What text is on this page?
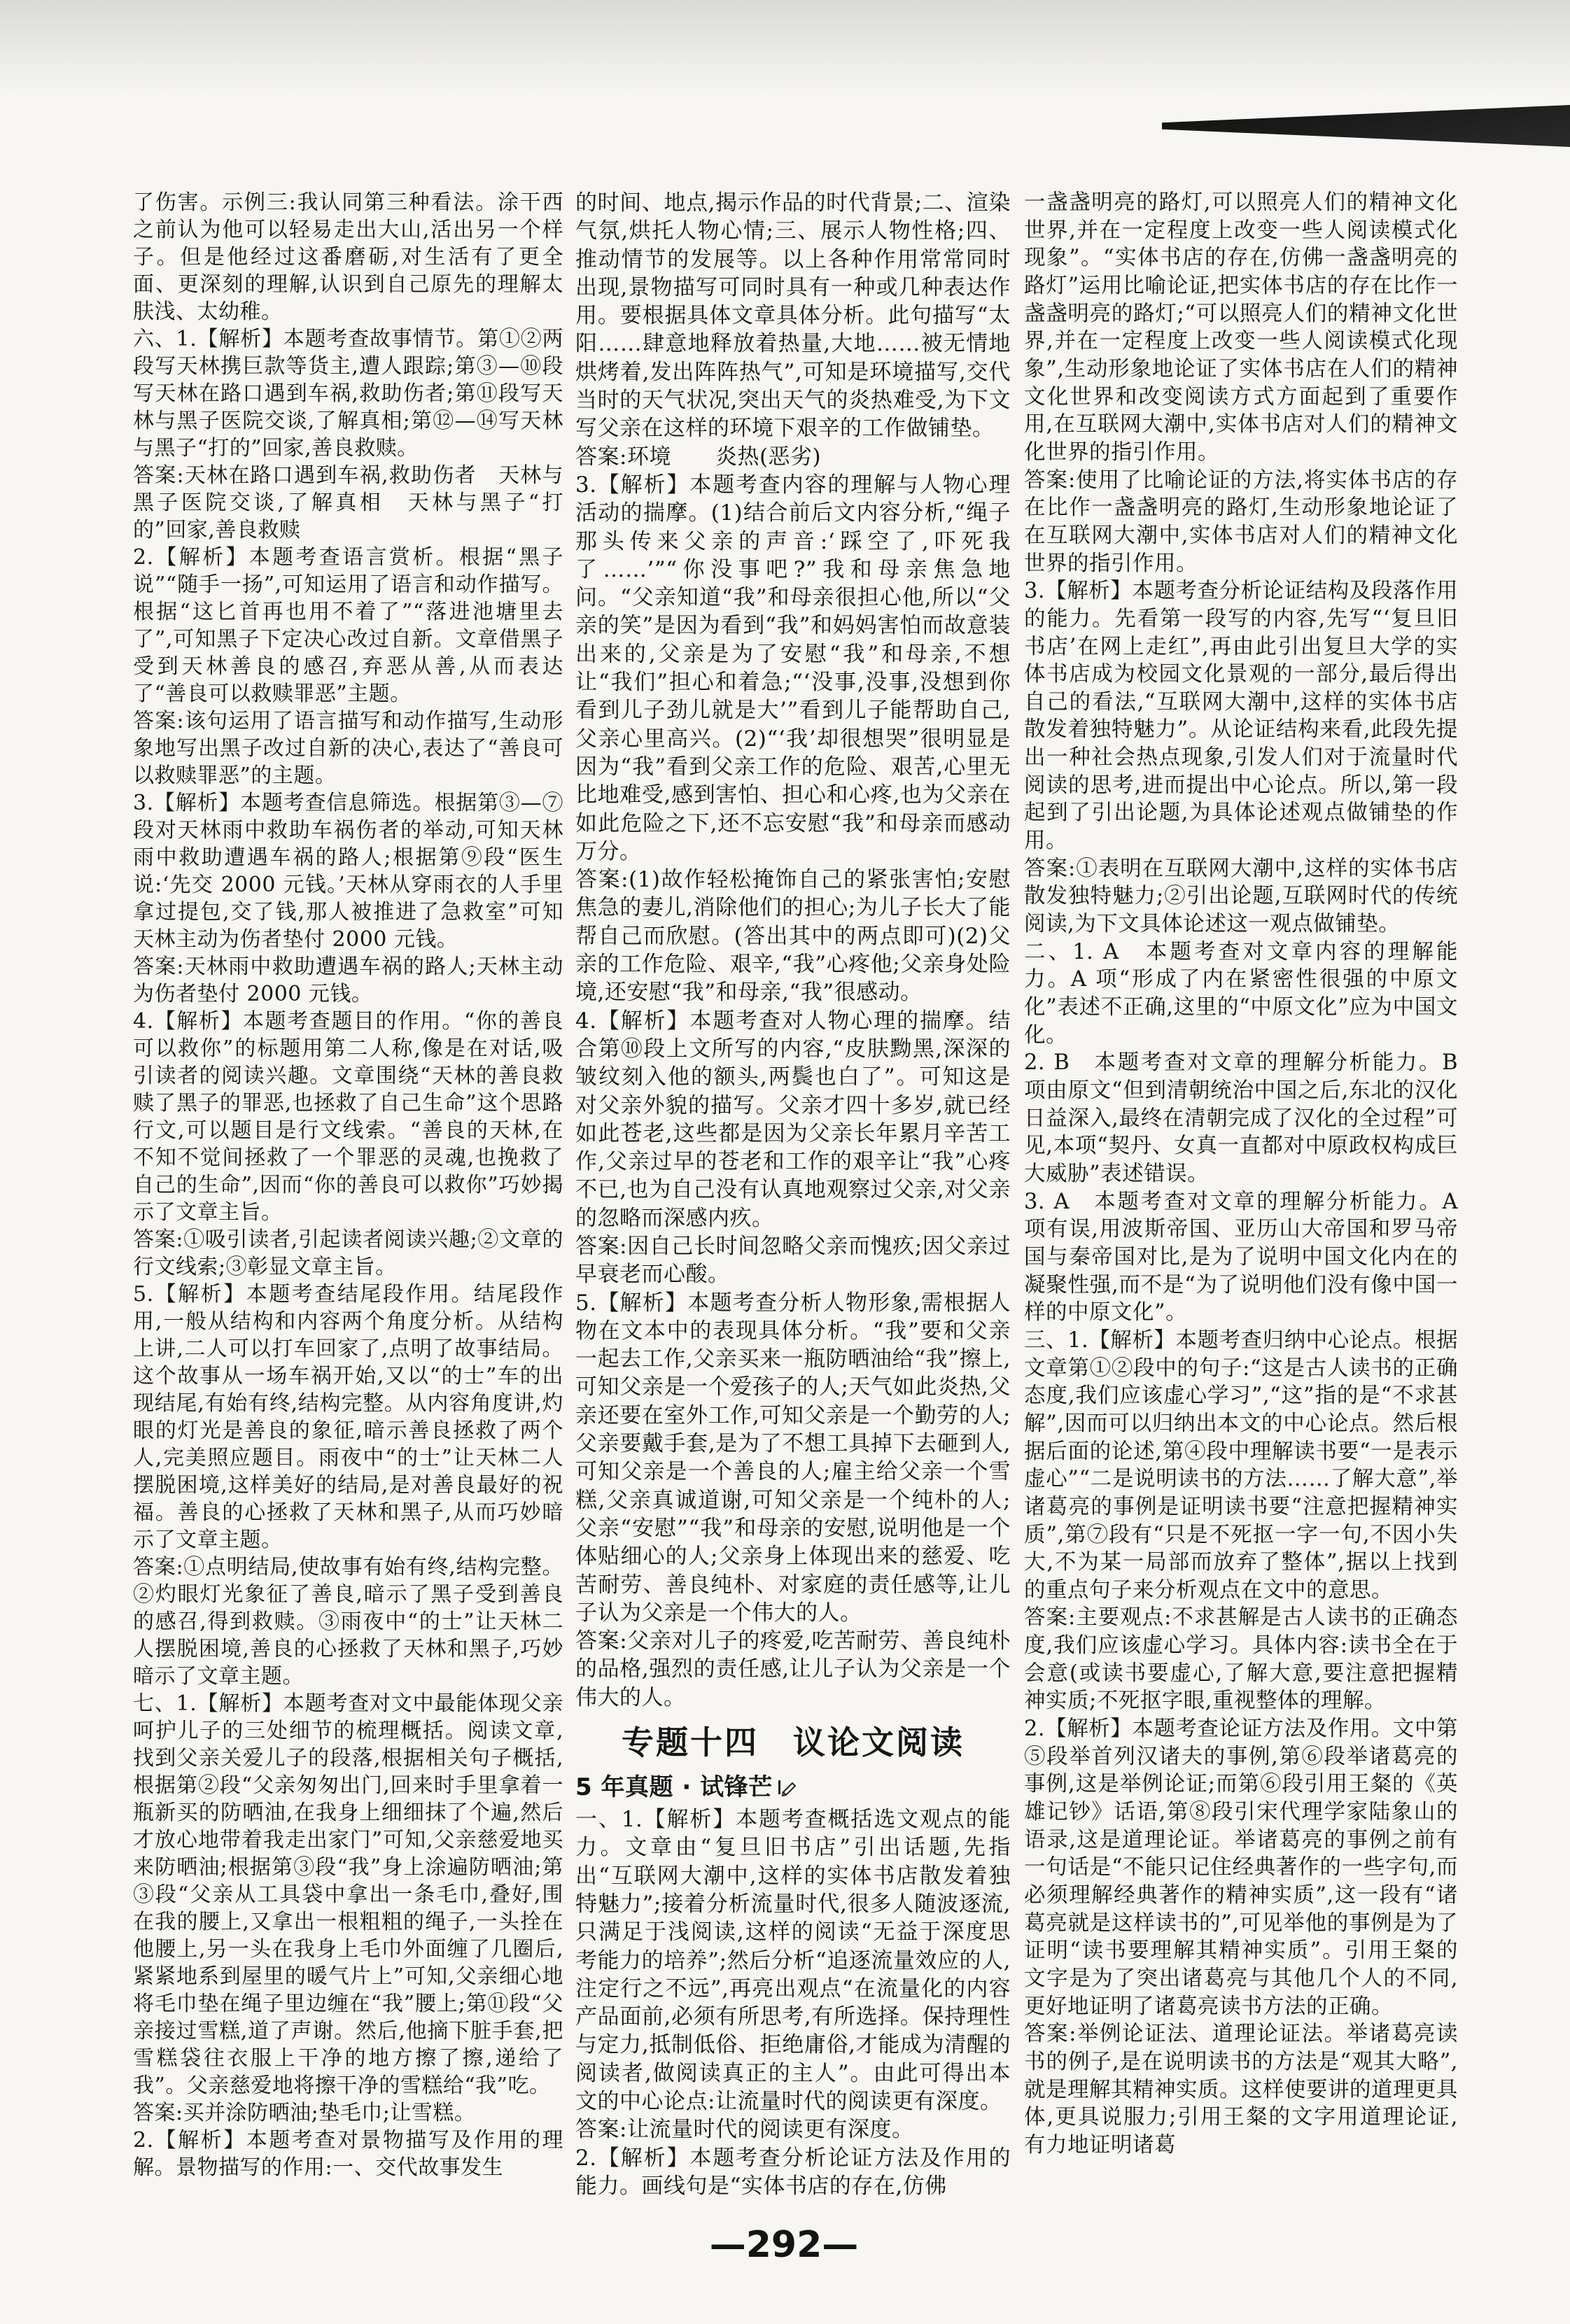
了伤害。示例三:我认同第三种看法。涂干西之前认为他可以轻易走出大山,活出另一个样子。但是他经过这番磨砺,对生活有了更全面、更深刻的理解,认识到自己原先的理解太肤浅、太幼稚。

六、1.【解析】本题考查故事情节。第①②两段写天林携巨款等货主,遭人跟踪;第③—⑩段写天林在路口遇到车祸,救助伤者;第⑪段写天林与黑子医院交谈,了解真相;第⑫—⑭写天林与黑子“打的”回家,善良救赎。

答案:天林在路口遇到车祸,救助伤者　天林与黑子医院交谈,了解真相　天林与黑子“打的”回家,善良救赎

2.【解析】本题考查语言赏析。根据“黑子说”“随手一扬”,可知运用了语言和动作描写。根据“这匕首再也用不着了”“落进池塘里去了”,可知黑子下定决心改过自新。文章借黑子受到天林善良的感召,弃恶从善,从而表达了“善良可以救赎罪恶”主题。

答案:该句运用了语言描写和动作描写,生动形象地写出黑子改过自新的决心,表达了“善良可以救赎罪恶”的主题。

3.【解析】本题考查信息筛选。根据第③—⑦段对天林雨中救助车祸伤者的举动,可知天林雨中救助遭遇车祸的路人;根据第⑨段“医生说:‘先交 2000 元钱。’天林从穿雨衣的人手里拿过提包,交了钱,那人被推进了急救室”可知天林主动为伤者垫付 2000 元钱。

答案:天林雨中救助遭遇车祸的路人;天林主动为伤者垫付 2000 元钱。

4.【解析】本题考查题目的作用。“你的善良可以救你”的标题用第二人称,像是在对话,吸引读者的阅读兴趣。文章围绕“天林的善良救赎了黑子的罪恶,也拯救了自己生命”这个思路行文,可以题目是行文线索。“善良的天林,在不知不觉间拯救了一个罪恶的灵魂,也挽救了自己的生命”,因而“你的善良可以救你”巧妙揭示了文章主旨。

答案:①吸引读者,引起读者阅读兴趣;②文章的行文线索;③彰显文章主旨。

5.【解析】本题考查结尾段作用。结尾段作用,一般从结构和内容两个角度分析。从结构上讲,二人可以打车回家了,点明了故事结局。这个故事从一场车祸开始,又以“的士”车的出现结尾,有始有终,结构完整。从内容角度讲,灼眼的灯光是善良的象征,暗示善良拯救了两个人,完美照应题目。雨夜中“的士”让天林二人摆脱困境,这样美好的结局,是对善良最好的祝福。善良的心拯救了天林和黑子,从而巧妙暗示了文章主题。

答案:①点明结局,使故事有始有终,结构完整。②灼眼灯光象征了善良,暗示了黑子受到善良的感召,得到救赎。③雨夜中“的士”让天林二人摆脱困境,善良的心拯救了天林和黑子,巧妙暗示了文章主题。

七、1.【解析】本题考查对文中最能体现父亲呵护儿子的三处细节的梳理概括。阅读文章,找到父亲关爱儿子的段落,根据相关句子概括,根据第②段“父亲匆匆出门,回来时手里拿着一瓶新买的防晒油,在我身上细细抹了个遍,然后才放心地带着我走出家门”可知,父亲慈爱地买来防晒油;根据第③段“我”身上涂遍防晒油;第③段“父亲从工具袋中拿出一条毛巾,叠好,围在我的腰上,又拿出一根粗粗的绳子,一头拴在他腰上,另一头在我身上毛巾外面缠了几圈后,紧紧地系到屋里的暖气片上”可知,父亲细心地将毛巾垫在绳子里边缠在“我”腰上;第⑪段“父亲接过雪糕,道了声谢。然后,他摘下脏手套,把雪糕袋往衣服上干净的地方擦了擦,递给了我”。父亲慈爱地将擦干净的雪糕给“我”吃。

答案:买并涂防晒油;垫毛巾;让雪糕。

2.【解析】本题考查对景物描写及作用的理解。景物描写的作用:一、交代故事发生

的时间、地点,揭示作品的时代背景;二、渲染气氛,烘托人物心情;三、展示人物性格;四、推动情节的发展等。以上各种作用常常同时出现,景物描写可同时具有一种或几种表达作用。要根据具体文章具体分析。此句描写“太阳……肆意地释放着热量,大地……被无情地烘烤着,发出阵阵热气”,可知是环境描写,交代当时的天气状况,突出天气的炎热难受,为下文写父亲在这样的环境下艰辛的工作做铺垫。

答案:环境　　炎热(恶劣)

3.【解析】本题考查内容的理解与人物心理活动的揣摩。(1)结合前后文内容分析,“绳子那头传来父亲的声音:‘踩空了,吓死我了……’”“你没事吧?”我和母亲焦急地问。“父亲知道“我”和母亲很担心他,所以“父亲的笑”是因为看到“我”和妈妈害怕而故意装出来的,父亲是为了安慰“我”和母亲,不想让“我们”担心和着急;“‘没事,没事,没想到你看到儿子劲儿就是大’”看到儿子能帮助自己,父亲心里高兴。(2)“‘我’却很想哭”很明显是因为“我”看到父亲工作的危险、艰苦,心里无比地难受,感到害怕、担心和心疼,也为父亲在如此危险之下,还不忘安慰“我”和母亲而感动万分。

答案:(1)故作轻松掩饰自己的紧张害怕;安慰焦急的妻儿,消除他们的担心;为儿子长大了能帮自己而欣慰。(答出其中的两点即可)(2)父亲的工作危险、艰辛,“我”心疼他;父亲身处险境,还安慰“我”和母亲,“我”很感动。

4.【解析】本题考查对人物心理的揣摩。结合第⑩段上文所写的内容,“皮肤黝黑,深深的皱纹刻入他的额头,两鬓也白了”。可知这是对父亲外貌的描写。父亲才四十多岁,就已经如此苍老,这些都是因为父亲长年累月辛苦工作,父亲过早的苍老和工作的艰辛让“我”心疼不已,也为自己没有认真地观察过父亲,对父亲的忽略而深感内疚。

答案:因自己长时间忽略父亲而愧疚;因父亲过早衰老而心酸。

5.【解析】本题考查分析人物形象,需根据人物在文本中的表现具体分析。“我”要和父亲一起去工作,父亲买来一瓶防晒油给“我”擦上,可知父亲是一个爱孩子的人;天气如此炎热,父亲还要在室外工作,可知父亲是一个勤劳的人;父亲要戴手套,是为了不想工具掉下去砸到人,可知父亲是一个善良的人;雇主给父亲一个雪糕,父亲真诚道谢,可知父亲是一个纯朴的人;父亲“安慰”“我”和母亲的安慰,说明他是一个体贴细心的人;父亲身上体现出来的慈爱、吃苦耐劳、善良纯朴、对家庭的责任感等,让儿子认为父亲是一个伟大的人。

答案:父亲对儿子的疼爱,吃苦耐劳、善良纯朴的品格,强烈的责任感,让儿子认为父亲是一个伟大的人。

专题十四　议论文阅读
5 年真题 · 试锋芒

一、1.【解析】本题考查概括选文观点的能力。文章由“复旦旧书店”引出话题,先指出“互联网大潮中,这样的实体书店散发着独特魅力”;接着分析流量时代,很多人随波逐流,只满足于浅阅读,这样的阅读“无益于深度思考能力的培养”;然后分析“追逐流量效应的人,注定行之不远”,再亮出观点“在流量化的内容产品面前,必须有所思考,有所选择。保持理性与定力,抵制低俗、拒绝庸俗,才能成为清醒的阅读者,做阅读真正的主人”。由此可得出本文的中心论点:让流量时代的阅读更有深度。

答案:让流量时代的阅读更有深度。

2.【解析】本题考查分析论证方法及作用的能力。画线句是“实体书店的存在,仿佛

一盏盏明亮的路灯,可以照亮人们的精神文化世界,并在一定程度上改变一些人阅读模式化现象”。“实体书店的存在,仿佛一盏盏明亮的路灯”运用比喻论证,把实体书店的存在比作一盏盏明亮的路灯;“可以照亮人们的精神文化世界,并在一定程度上改变一些人阅读模式化现象”,生动形象地论证了实体书店在人们的精神文化世界和改变阅读方式方面起到了重要作用,在互联网大潮中,实体书店对人们的精神文化世界的指引作用。

答案:使用了比喻论证的方法,将实体书店的存在比作一盏盏明亮的路灯,生动形象地论证了在互联网大潮中,实体书店对人们的精神文化世界的指引作用。

3.【解析】本题考查分析论证结构及段落作用的能力。先看第一段写的内容,先写“‘复旦旧书店’在网上走红”,再由此引出复旦大学的实体书店成为校园文化景观的一部分,最后得出自己的看法,“互联网大潮中,这样的实体书店散发着独特魅力”。从论证结构来看,此段先提出一种社会热点现象,引发人们对于流量时代阅读的思考,进而提出中心论点。所以,第一段起到了引出论题,为具体论述观点做铺垫的作用。

答案:①表明在互联网大潮中,这样的实体书店散发独特魅力;②引出论题,互联网时代的传统阅读,为下文具体论述这一观点做铺垫。

二、1. A　本题考查对文章内容的理解能力。A 项“形成了内在紧密性很强的中原文化”表述不正确,这里的“中原文化”应为中国文化。

2. B　本题考查对文章的理解分析能力。B 项由原文“但到清朝统治中国之后,东北的汉化日益深入,最终在清朝完成了汉化的全过程”可见,本项“契丹、女真一直都对中原政权构成巨大威胁”表述错误。

3. A　本题考查对文章的理解分析能力。A 项有误,用波斯帝国、亚历山大帝国和罗马帝国与秦帝国对比,是为了说明中国文化内在的凝聚性强,而不是“为了说明他们没有像中国一样的中原文化”。

三、1.【解析】本题考查归纳中心论点。根据文章第①②段中的句子:“这是古人读书的正确态度,我们应该虚心学习”,“这”指的是“不求甚解”,因而可以归纳出本文的中心论点。然后根据后面的论述,第④段中理解读书要“一是表示虚心”“二是说明读书的方法……了解大意”,举诸葛亮的事例是证明读书要“注意把握精神实质”,第⑦段有“只是不死抠一字一句,不因小失大,不为某一局部而放弃了整体”,据以上找到的重点句子来分析观点在文中的意思。

答案:主要观点:不求甚解是古人读书的正确态度,我们应该虚心学习。具体内容:读书全在于会意(或读书要虚心,了解大意,要注意把握精神实质;不死抠字眼,重视整体的理解。

2.【解析】本题考查论证方法及作用。文中第⑤段举首列汉诸夫的事例,第⑥段举诸葛亮的事例,这是举例论证;而第⑥段引用王粲的《英雄记钞》话语,第⑧段引宋代理学家陆象山的语录,这是道理论证。举诸葛亮的事例之前有一句话是“不能只记住经典著作的一些字句,而必须理解经典著作的精神实质”,这一段有“诸葛亮就是这样读书的”,可见举他的事例是为了证明“读书要理解其精神实质”。引用王粲的文字是为了突出诸葛亮与其他几个人的不同,更好地证明了诸葛亮读书方法的正确。

答案:举例论证法、道理论证法。举诸葛亮读书的例子,是在说明读书的方法是“观其大略”,就是理解其精神实质。这样使要讲的道理更具体,更具说服力;引用王粲的文字用道理论证,有力地证明诸葛

—292—
